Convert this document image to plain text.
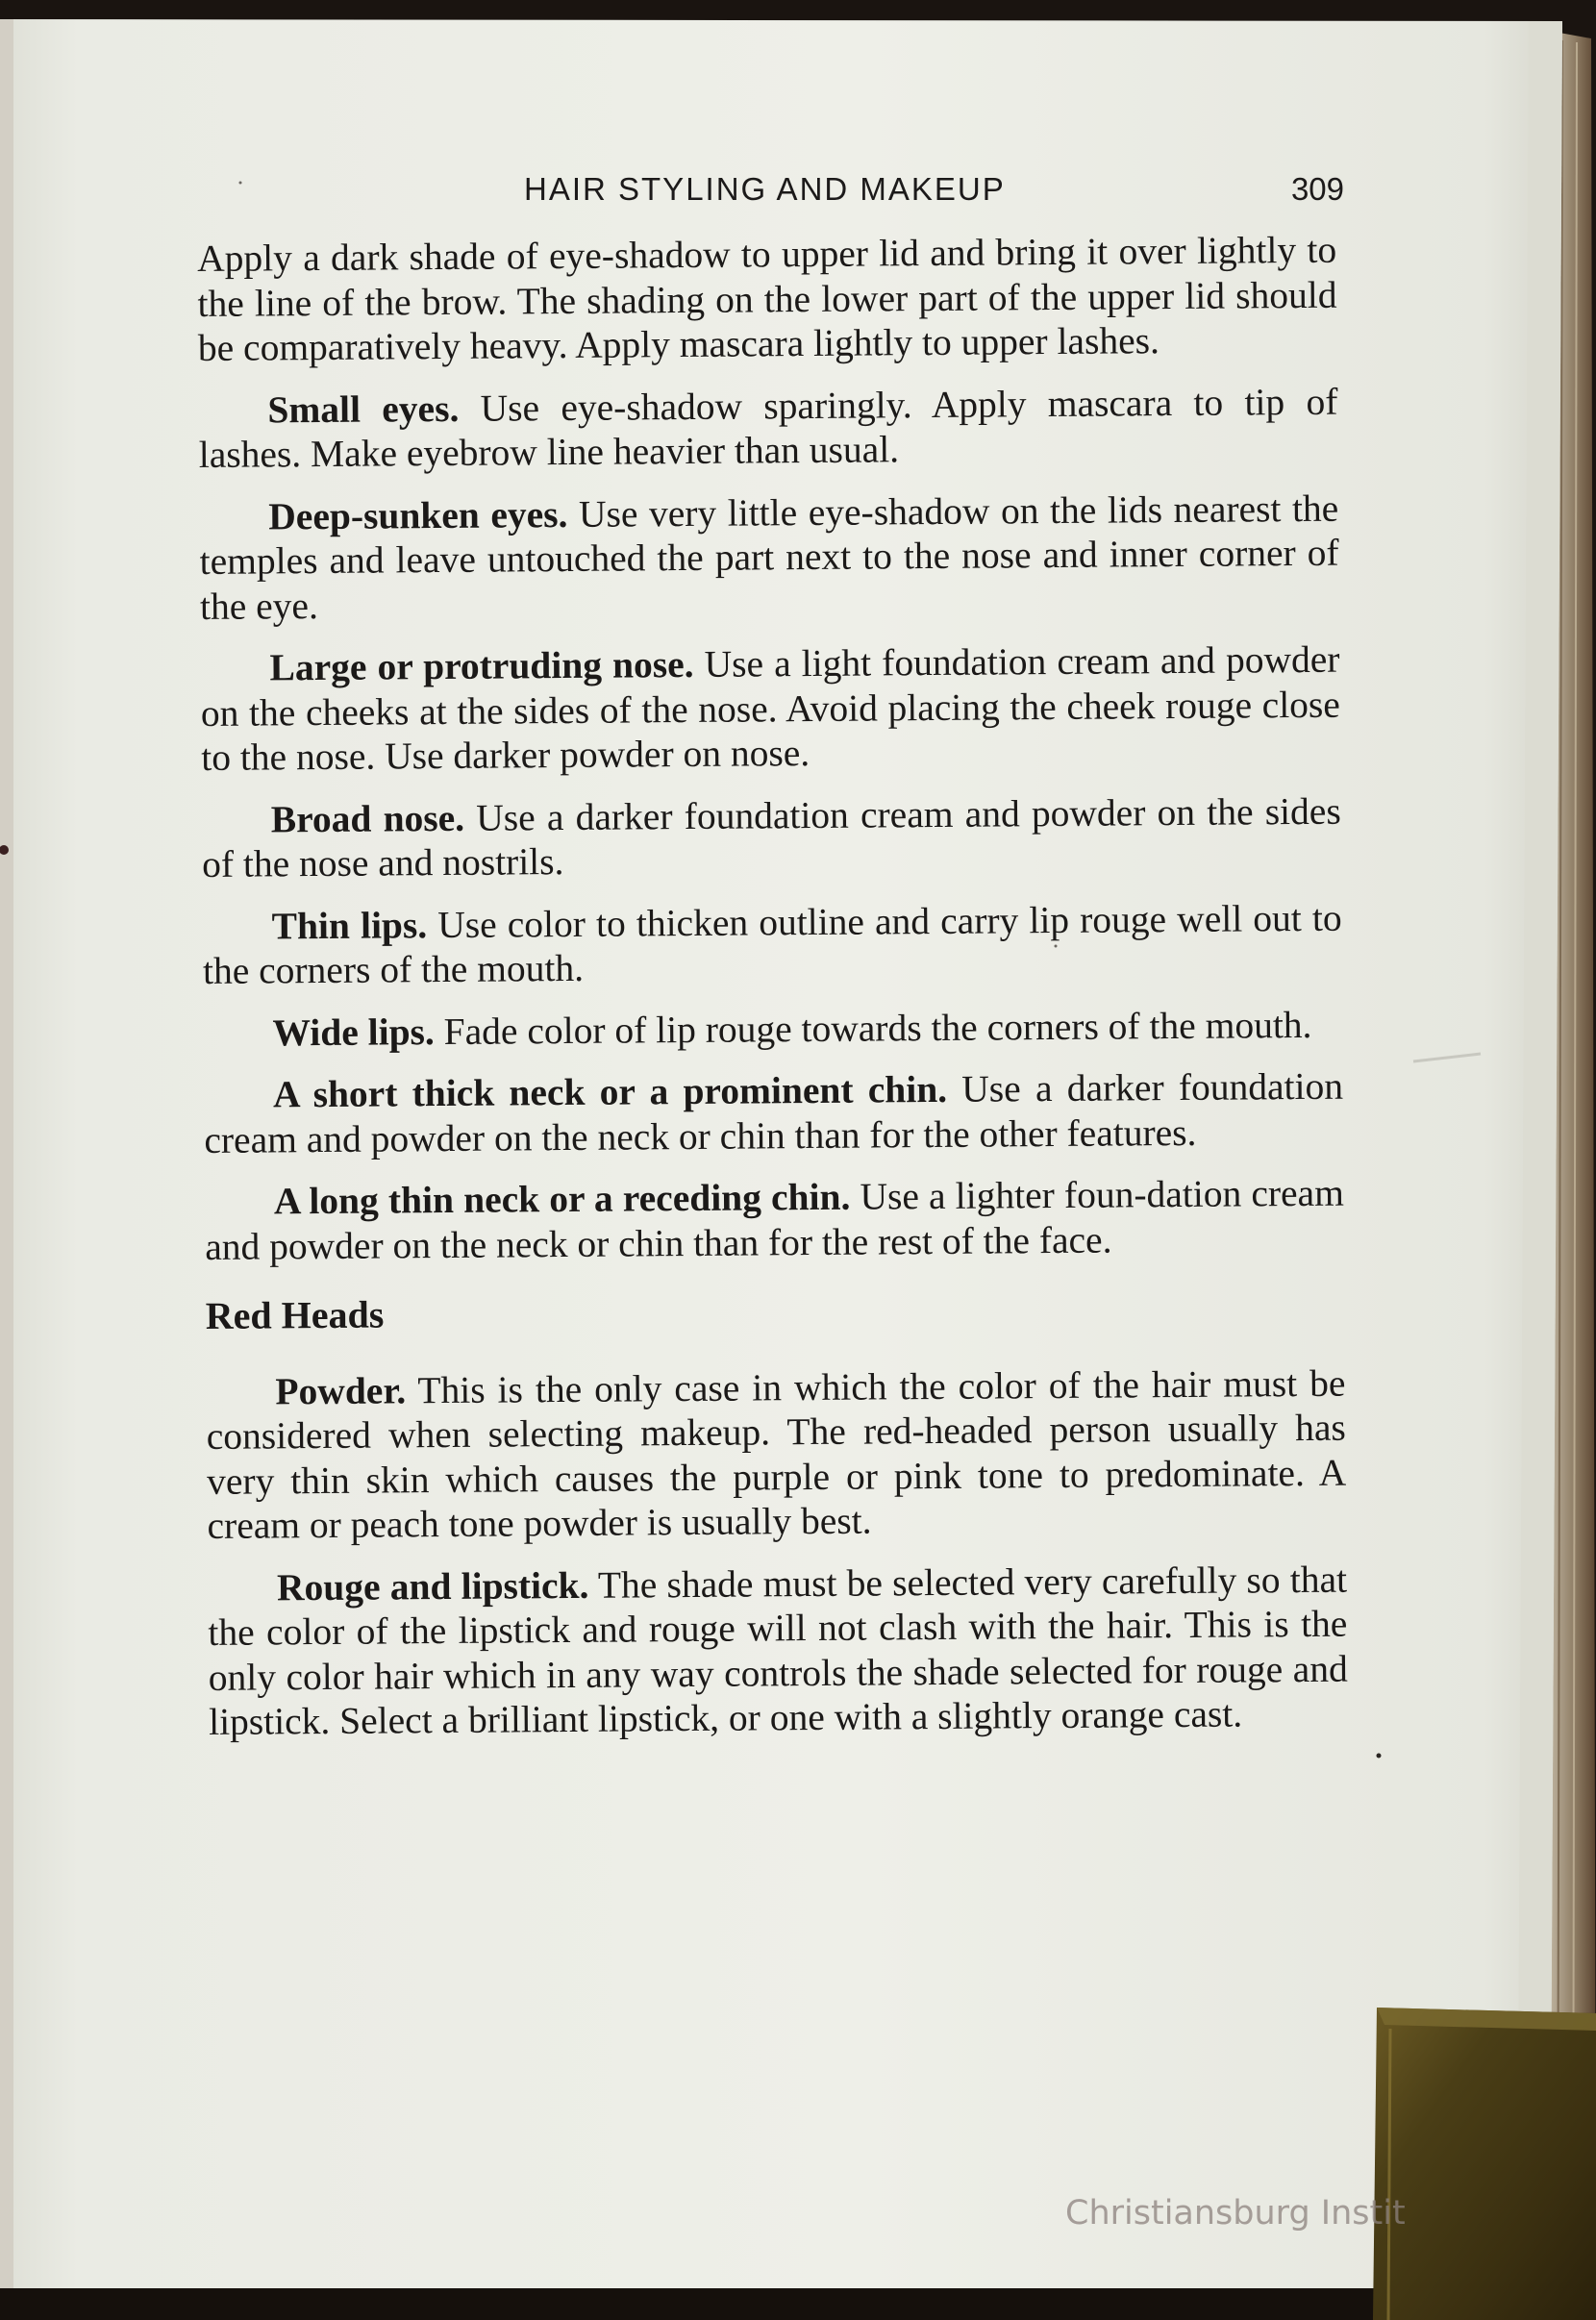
HAIR STYLING AND MAKEUP	309

Apply a dark shade of eye-shadow to upper lid and bring it over lightly to the line of the brow. The shading on the lower part of the upper lid should be comparatively heavy. Apply mascara lightly to upper lashes.

Small eyes. Use eye-shadow sparingly. Apply mascara to tip of lashes. Make eyebrow line heavier than usual.

Deep-sunken eyes. Use very little eye-shadow on the lids nearest the temples and leave untouched the part next to the nose and inner corner of the eye.

Large or protruding nose. Use a light foundation cream and powder on the cheeks at the sides of the nose. Avoid placing the cheek rouge close to the nose. Use darker powder on nose.

Broad nose. Use a darker foundation cream and powder on the sides of the nose and nostrils.

Thin lips. Use color to thicken outline and carry lip rouge well out to the corners of the mouth.

Wide lips. Fade color of lip rouge towards the corners of the mouth.

A short thick neck or a prominent chin. Use a darker foundation cream and powder on the neck or chin than for the other features.

A long thin neck or a receding chin. Use a lighter foun-dation cream and powder on the neck or chin than for the rest of the face.

Red Heads

Powder. This is the only case in which the color of the hair must be considered when selecting makeup. The red-headed person usually has very thin skin which causes the purple or pink tone to predominate. A cream or peach tone powder is usually best.

Rouge and lipstick. The shade must be selected very carefully so that the color of the lipstick and rouge will not clash with the hair. This is the only color hair which in any way controls the shade selected for rouge and lipstick. Select a brilliant lipstick, or one with a slightly orange cast.

Christiansburg Instit
